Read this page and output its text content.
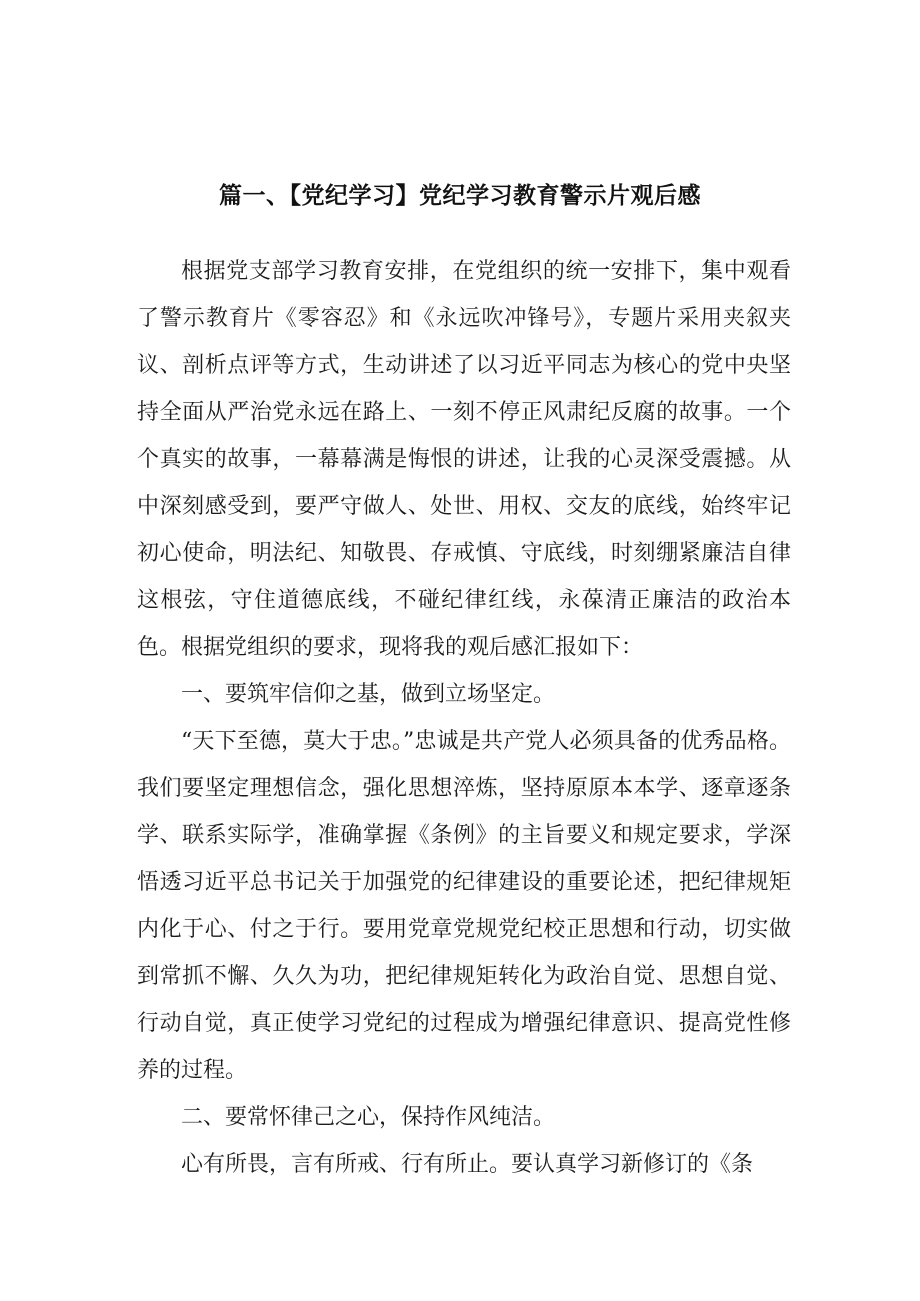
篇一、【党纪学习】党纪学习教育警示片观后感

根据党支部学习教育安排，在党组织的统一安排下，集中观看了警示教育片《零容忍》和《永远吹冲锋号》，专题片采用夹叙夹议、剖析点评等方式，生动讲述了以习近平同志为核心的党中央坚持全面从严治党永远在路上、一刻不停正风肃纪反腐的故事。一个个真实的故事，一幕幕满是悔恨的讲述，让我的心灵深受震撼。从中深刻感受到，要严守做人、处世、用权、交友的底线，始终牢记初心使命，明法纪、知敬畏、存戒慎、守底线，时刻绷紧廉洁自律这根弦，守住道德底线，不碰纪律红线，永葆清正廉洁的政治本色。根据党组织的要求，现将我的观后感汇报如下：

一、要筑牢信仰之基，做到立场坚定。

“天下至德，莫大于忠。”忠诚是共产党人必须具备的优秀品格。我们要坚定理想信念，强化思想淬炼，坚持原原本本学、逐章逐条学、联系实际学，准确掌握《条例》的主旨要义和规定要求，学深悟透习近平总书记关于加强党的纪律建设的重要论述，把纪律规矩内化于心、付之于行。要用党章党规党纪校正思想和行动，切实做到常抓不懈、久久为功，把纪律规矩转化为政治自觉、思想自觉、行动自觉，真正使学习党纪的过程成为增强纪律意识、提高党性修养的过程。

二、要常怀律己之心，保持作风纯洁。

心有所畏，言有所戒、行有所止。要认真学习新修订的《条
